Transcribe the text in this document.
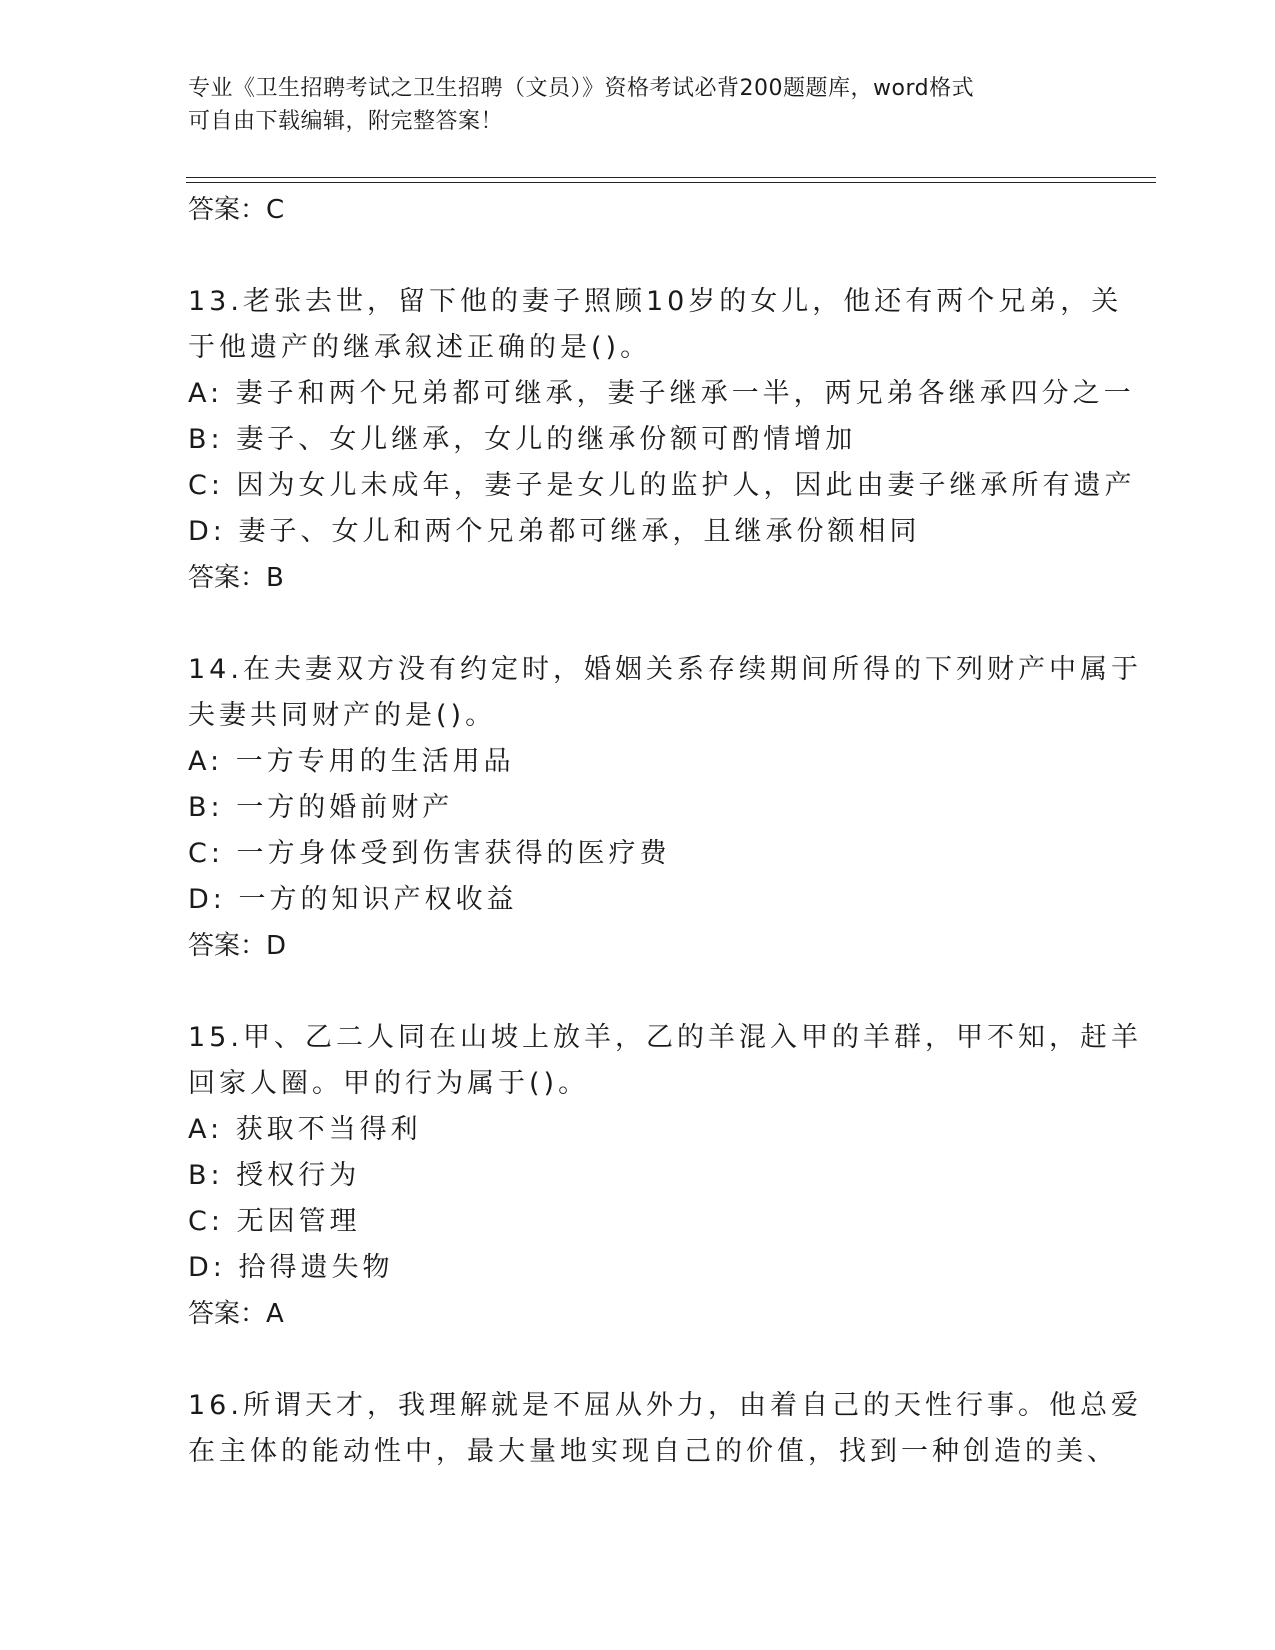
专业《卫生招聘考试之卫生招聘（文员）》资格考试必背200题题库，word格式
可自由下载编辑，附完整答案！
答案：C
13.老张去世，留下他的妻子照顾10岁的女儿，他还有两个兄弟，关
于他遗产的继承叙述正确的是()。
A: 妻子和两个兄弟都可继承，妻子继承一半，两兄弟各继承四分之一
B: 妻子、女儿继承，女儿的继承份额可酌情增加
C: 因为女儿未成年，妻子是女儿的监护人，因此由妻子继承所有遗产
D: 妻子、女儿和两个兄弟都可继承，且继承份额相同
答案：B
14.在夫妻双方没有约定时，婚姻关系存续期间所得的下列财产中属于
夫妻共同财产的是()。
A: 一方专用的生活用品
B: 一方的婚前财产
C: 一方身体受到伤害获得的医疗费
D: 一方的知识产权收益
答案：D
15.甲、乙二人同在山坡上放羊，乙的羊混入甲的羊群，甲不知，赶羊
回家人圈。甲的行为属于()。
A: 获取不当得利
B: 授权行为
C: 无因管理
D: 拾得遗失物
答案：A
16.所谓天才，我理解就是不屈从外力，由着自己的天性行事。他总爱
在主体的能动性中，最大量地实现自己的价值，找到一种创造的美、
